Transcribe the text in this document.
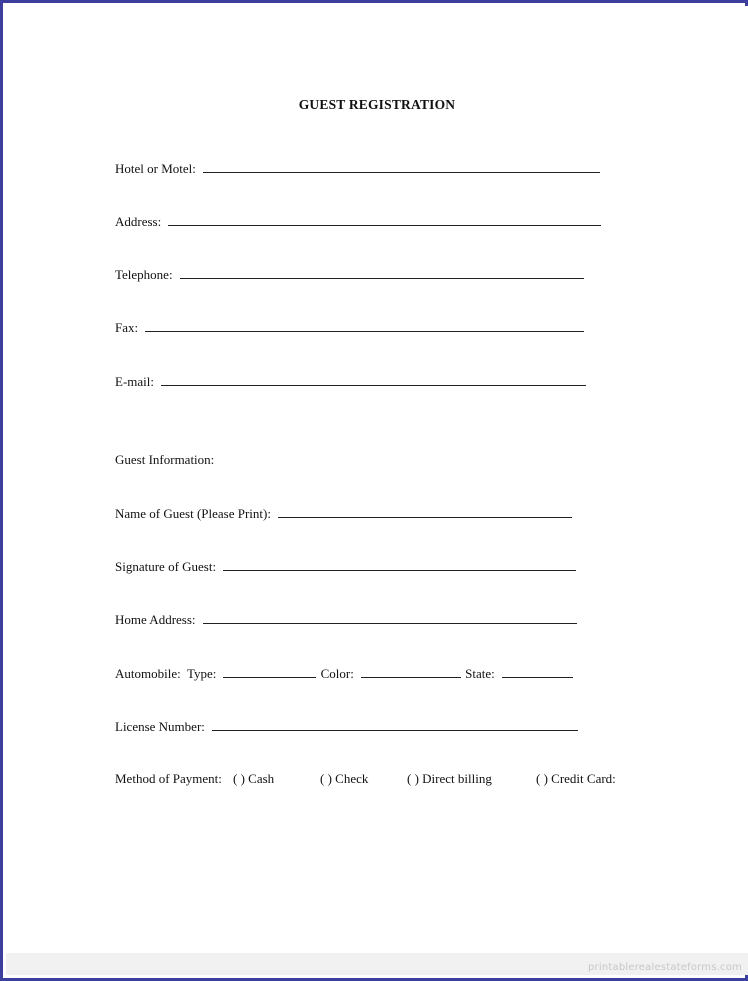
GUEST REGISTRATION
Hotel or Motel:
Address:
Telephone:
Fax:
E-mail:
Guest Information:
Name of Guest (Please Print):
Signature of Guest:
Home Address:
Automobile: Type:	Color:	State:
License Number:
Method of Payment: ( ) Cash	( ) Check	( ) Direct billing	( ) Credit Card:
printablerealestateforms.com
